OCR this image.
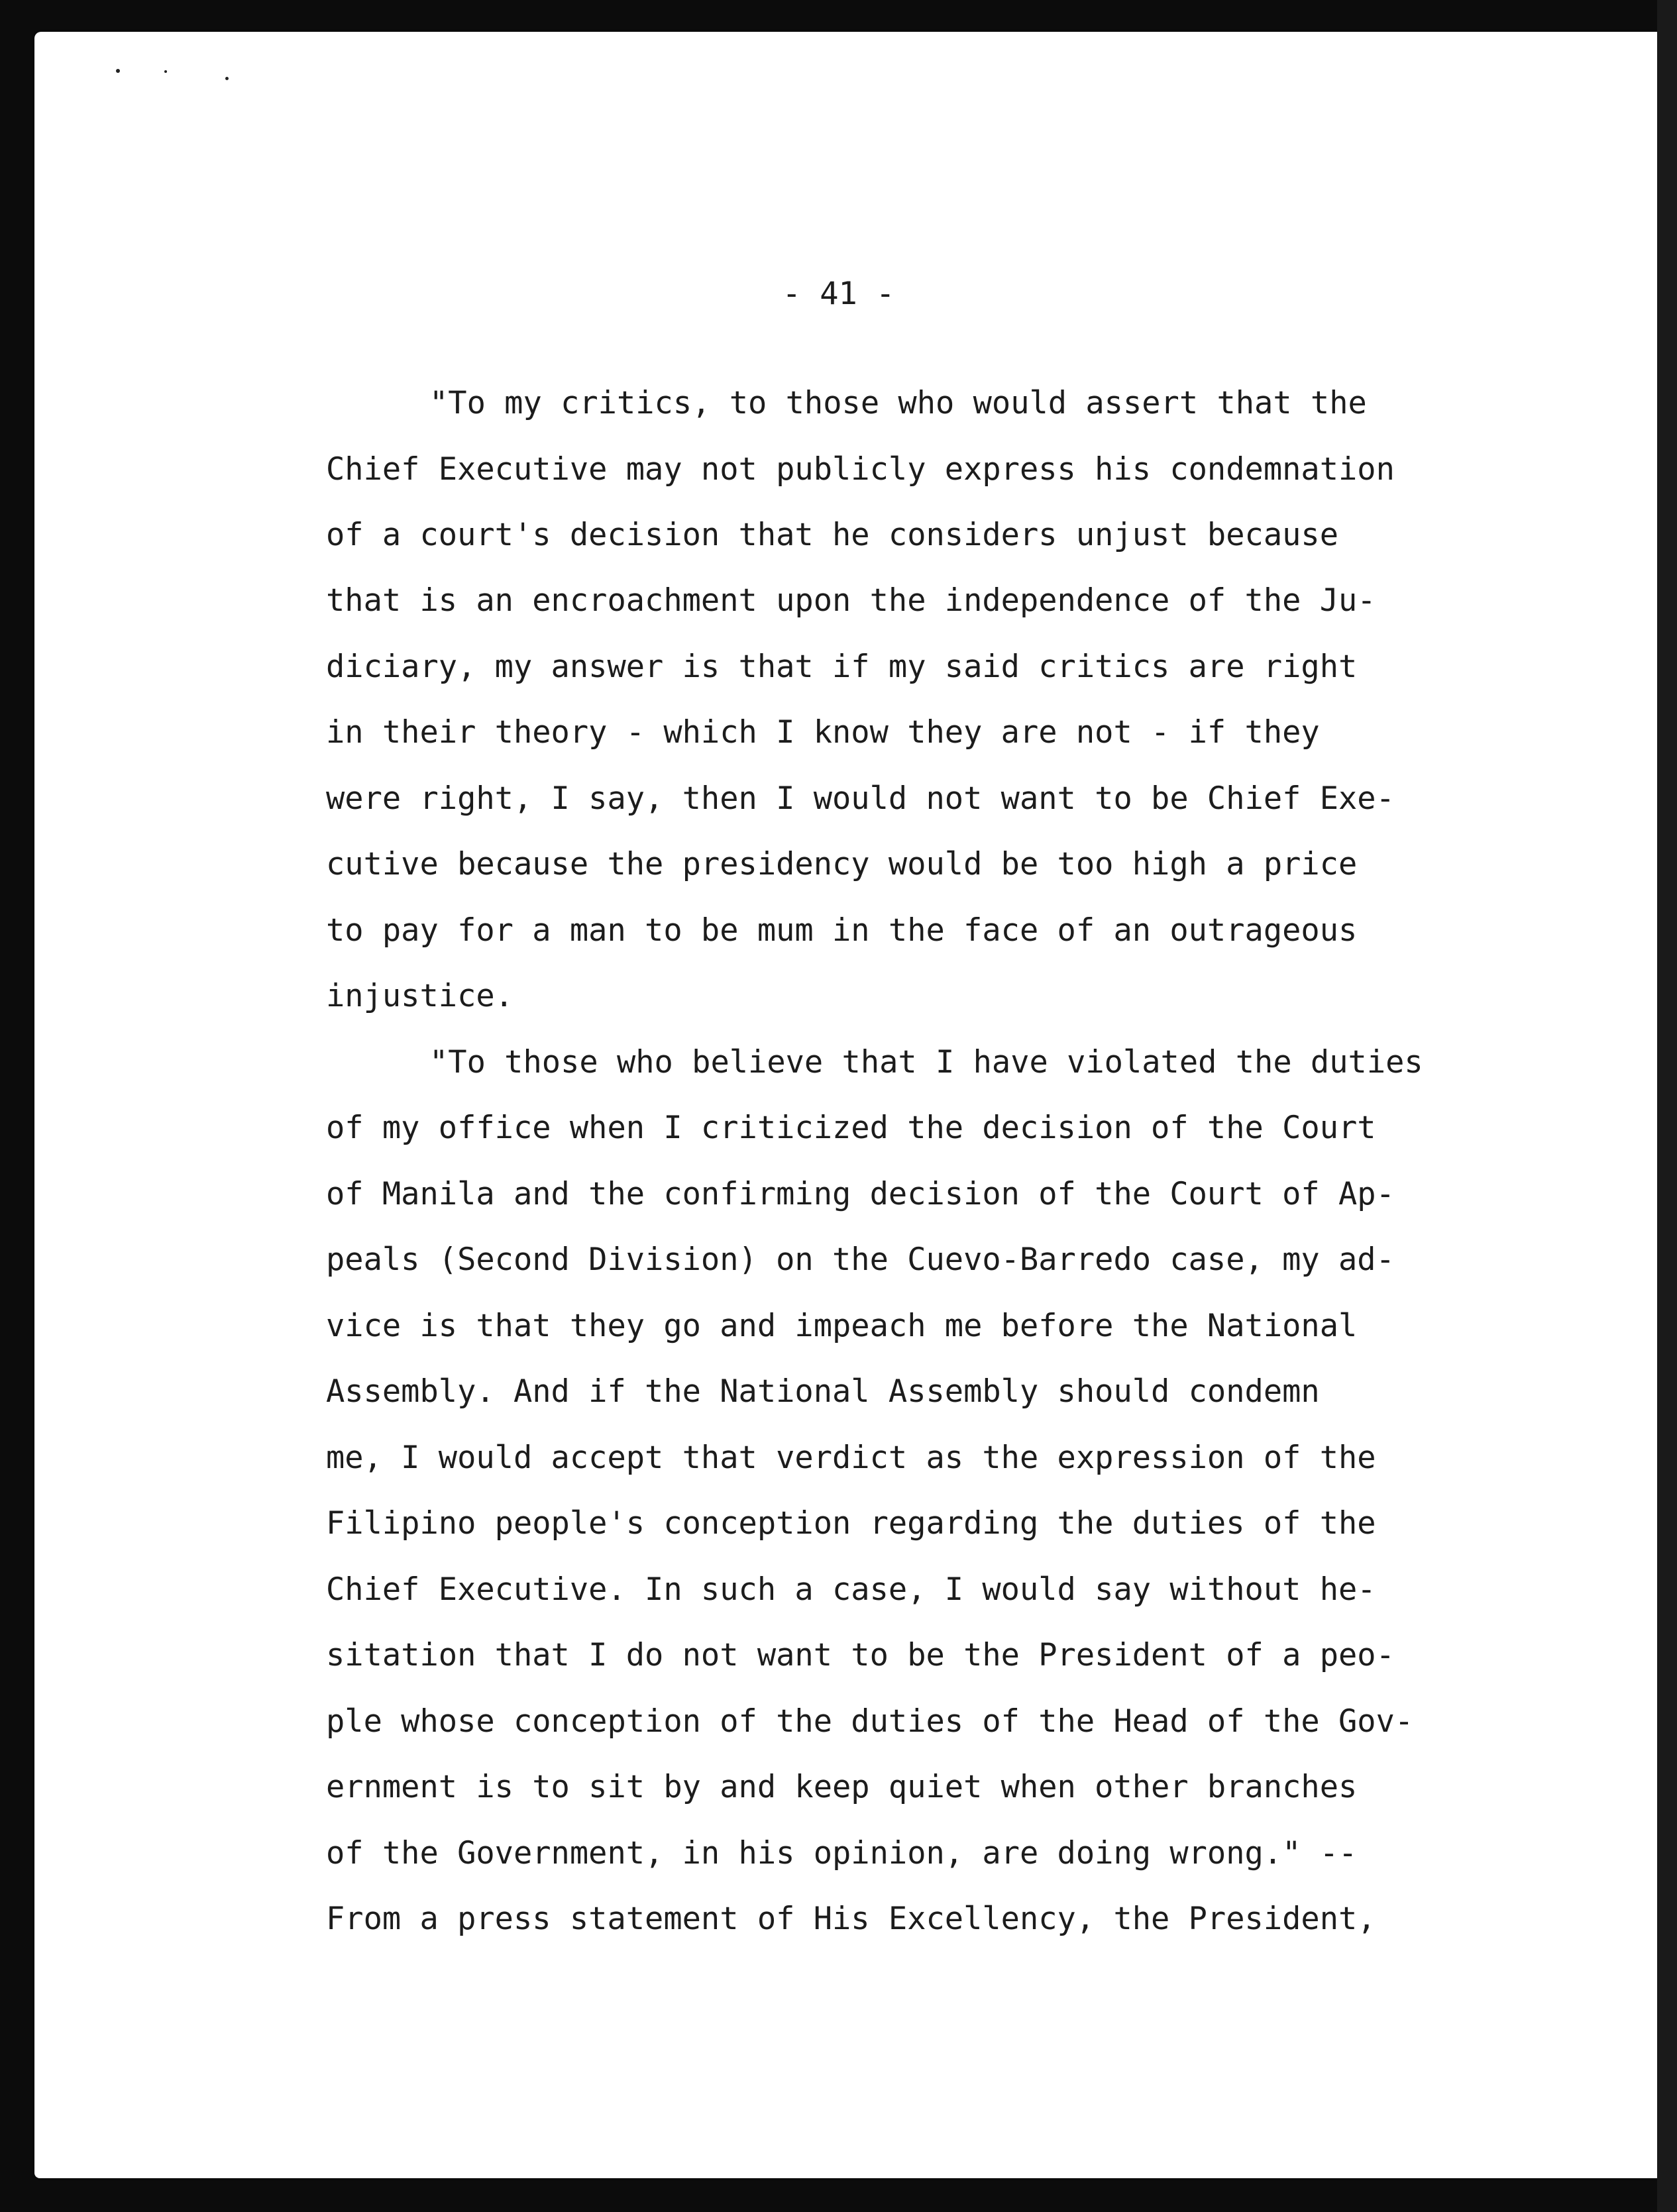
- 41 -
"To my critics, to those who would assert that the
Chief Executive may not publicly express his condemnation
of a court's decision that he considers unjust because
that is an encroachment upon the independence of the Ju-
diciary, my answer is that if my said critics are right
in their theory - which I know they are not - if they
were right, I say, then I would not want to be Chief Exe-
cutive because the presidency would be too high a price
to pay for a man to be mum in the face of an outrageous
injustice.
"To those who believe that I have violated the duties
of my office when I criticized the decision of the Court
of Manila and the confirming decision of the Court of Ap-
peals (Second Division) on the Cuevo-Barredo case, my ad-
vice is that they go and impeach me before the National
Assembly. And if the National Assembly should condemn
me, I would accept that verdict as the expression of the
Filipino people's conception regarding the duties of the
Chief Executive. In such a case, I would say without he-
sitation that I do not want to be the President of a peo-
ple whose conception of the duties of the Head of the Gov-
ernment is to sit by and keep quiet when other branches
of the Government, in his opinion, are doing wrong." --
From a press statement of His Excellency, the President,
